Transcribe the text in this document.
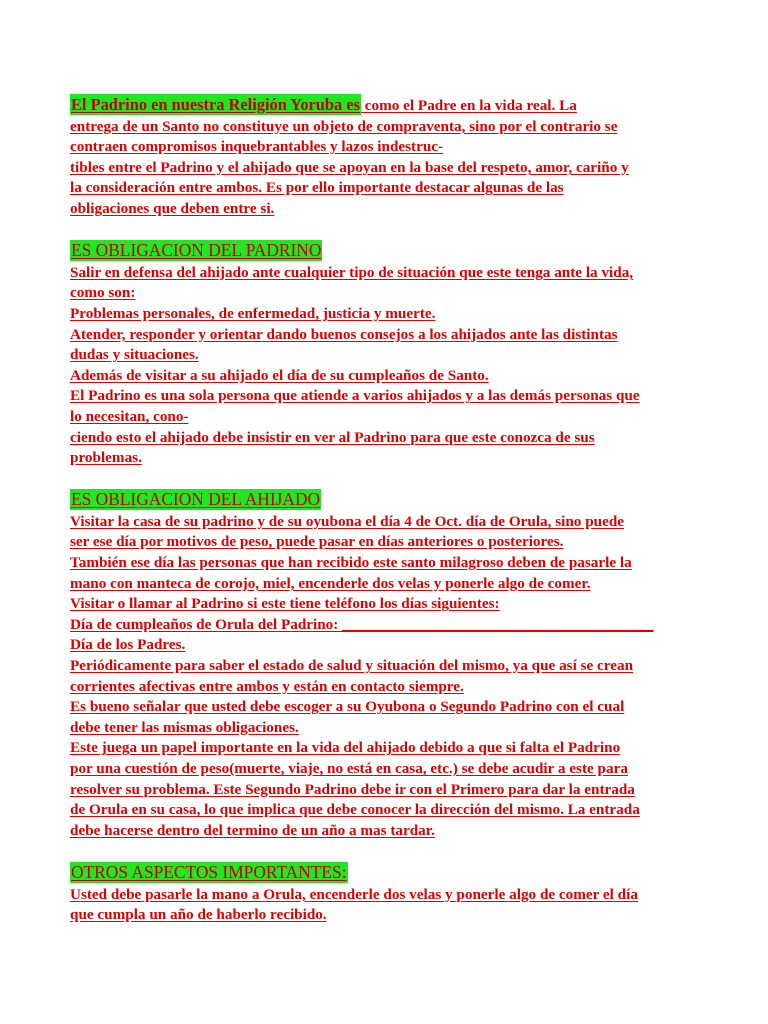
El Padrino en nuestra Religión Yoruba es como el Padre en la vida real. La
entrega de un Santo no constituye un objeto de compraventa, sino por el contrario se
contraen compromisos inquebrantables y lazos indestruc-
tibles entre el Padrino y el ahijado que se apoyan en la base del respeto, amor, cariño y
la consideración entre ambos. Es por ello importante destacar algunas de las
obligaciones que deben entre si.
ES OBLIGACION DEL PADRINO
Salir en defensa del ahijado ante cualquier tipo de situación que este tenga ante la vida,
como son:
Problemas personales, de enfermedad, justicia y muerte.
Atender, responder y orientar dando buenos consejos a los ahijados ante las distintas
dudas y situaciones.
Además de visitar a su ahijado el día de su cumpleaños de Santo.
El Padrino es una sola persona que atiende a varios ahijados y a las demás personas que
lo necesitan, cono-
ciendo esto el ahijado debe insistir en ver al Padrino para que este conozca de sus
problemas.
ES OBLIGACION DEL AHIJADO
Visitar la casa de su padrino y de su oyubona el día 4 de Oct. día de Orula, sino puede
ser ese día por motivos de peso, puede pasar en días anteriores o posteriores.
También ese día las personas que han recibido este santo milagroso deben de pasarle la
mano con manteca de corojo, miel, encenderle dos velas y ponerle algo de comer.
Visitar o llamar al Padrino si este tiene teléfono los días siguientes:
Día de cumpleaños de Orula del Padrino: _________________________________________
Día de los Padres.
Periódicamente para saber el estado de salud y situación del mismo, ya que así se crean
corrientes afectivas entre ambos y están en contacto siempre.
Es bueno señalar que usted debe escoger a su Oyubona o Segundo Padrino con el cual
debe tener las mismas obligaciones.
Este juega un papel importante en la vida del ahijado debido a que si falta el Padrino
por una cuestión de peso(muerte, viaje, no está en casa, etc.) se debe acudir a este para
resolver su problema. Este Segundo Padrino debe ir con el Primero para dar la entrada
de Orula en su casa, lo que implica que debe conocer la dirección del mismo. La entrada
debe hacerse dentro del termino de un año a mas tardar.
OTROS ASPECTOS IMPORTANTES:
Usted debe pasarle la mano a Orula, encenderle dos velas y ponerle algo de comer el día
que cumpla un año de haberlo recibido.
